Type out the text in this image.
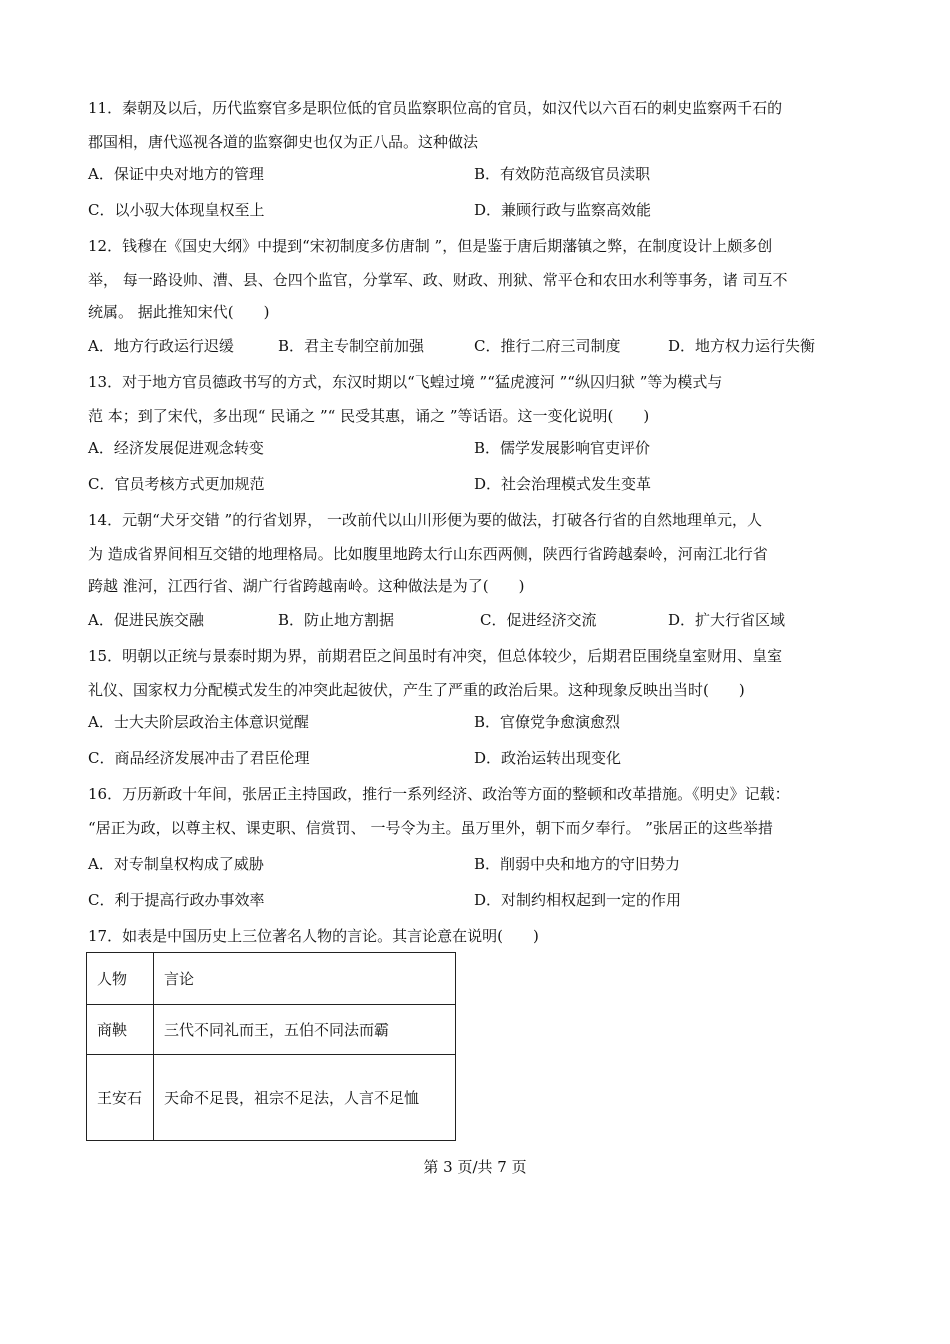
11．秦朝及以后，历代监察官多是职位低的官员监察职位高的官员，如汉代以六百石的刺史监察两千石的
郡国相，唐代巡视各道的监察御史也仅为正八品。这种做法
A．保证中央对地方的管理	B．有效防范高级官员渎职
C．以小驭大体现皇权至上	D．兼顾行政与监察高效能
12．钱穆在《国史大纲》中提到“宋初制度多仿唐制 ”，但是鉴于唐后期藩镇之弊，在制度设计上颇多创
举， 每一路设帅、漕、县、仓四个监官，分掌军、政、财政、刑狱、常平仓和农田水利等事务，诸 司互不
统属。 据此推知宋代(　　)
A．地方行政运行迟缓	B．君主专制空前加强	C．推行二府三司制度	D．地方权力运行失衡
13．对于地方官员德政书写的方式，东汉时期以“飞蝗过境 ”“猛虎渡河 ”“纵囚归狱 ”等为模式与
范 本；到了宋代，多出现“ 民诵之 ”“ 民受其惠，诵之 ”等话语。这一变化说明(　　)
A．经济发展促进观念转变	B．儒学发展影响官吏评价
C．官员考核方式更加规范	D．社会治理模式发生变革
14．元朝“犬牙交错 ”的行省划界， 一改前代以山川形便为要的做法，打破各行省的自然地理单元，人
为 造成省界间相互交错的地理格局。比如腹里地跨太行山东西两侧，陕西行省跨越秦岭，河南江北行省
跨越 淮河，江西行省、湖广行省跨越南岭。这种做法是为了(　　)
A．促进民族交融	B．防止地方割据	C．促进经济交流	D．扩大行省区域
15．明朝以正统与景泰时期为界，前期君臣之间虽时有冲突，但总体较少，后期君臣围绕皇室财用、皇室
礼仪、国家权力分配模式发生的冲突此起彼伏，产生了严重的政治后果。这种现象反映出当时(　　)
A．士大夫阶层政治主体意识觉醒	B．官僚党争愈演愈烈
C．商品经济发展冲击了君臣伦理	D．政治运转出现变化
16．万历新政十年间，张居正主持国政，推行一系列经济、政治等方面的整顿和改革措施。《明史》记载：
“居正为政，以尊主权、课吏职、信赏罚、 一号令为主。虽万里外，朝下而夕奉行。 ”张居正的这些举措
A．对专制皇权构成了威胁	B．削弱中央和地方的守旧势力
C．利于提高行政办事效率	D．对制约相权起到一定的作用
17．如表是中国历史上三位著名人物的言论。其言论意在说明(　　)
人物	言论
商鞅	三代不同礼而王，五伯不同法而霸
王安石	天命不足畏，祖宗不足法，人言不足恤
第 3 页/共 7 页
